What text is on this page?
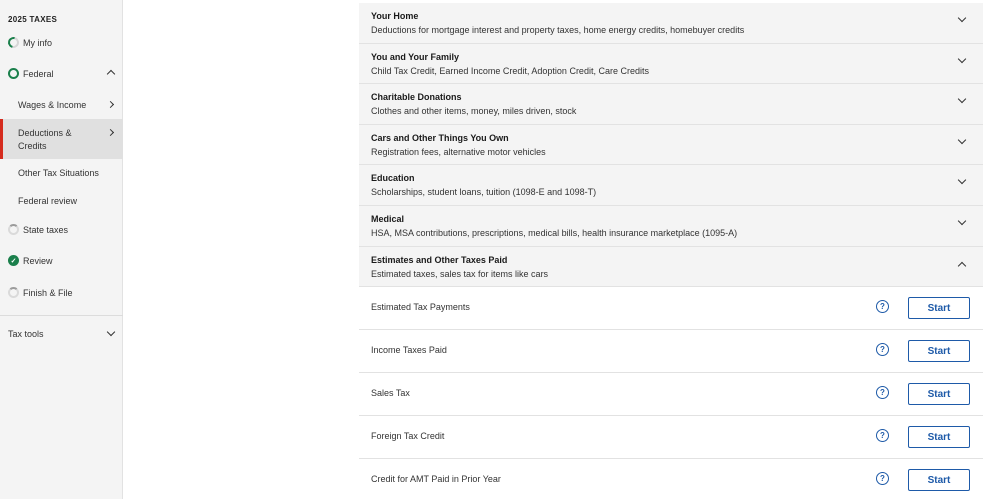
2025 TAXES
My info
Federal
Wages & Income
Deductions &
Credits
Other Tax Situations
Federal review
State taxes
✓ Review
Finish & File
Tax tools
Your Home
Deductions for mortgage interest and property taxes, home energy credits, homebuyer credits
You and Your Family
Child Tax Credit, Earned Income Credit, Adoption Credit, Care Credits
Charitable Donations
Clothes and other items, money, miles driven, stock
Cars and Other Things You Own
Registration fees, alternative motor vehicles
Education
Scholarships, student loans, tuition (1098-E and 1098-T)
Medical
HSA, MSA contributions, prescriptions, medical bills, health insurance marketplace (1095-A)
Estimates and Other Taxes Paid
Estimated taxes, sales tax for items like cars
Estimated Tax Payments	?	Start
Income Taxes Paid	?	Start
Sales Tax	?	Start
Foreign Tax Credit	?	Start
Credit for AMT Paid in Prior Year	?	Start
